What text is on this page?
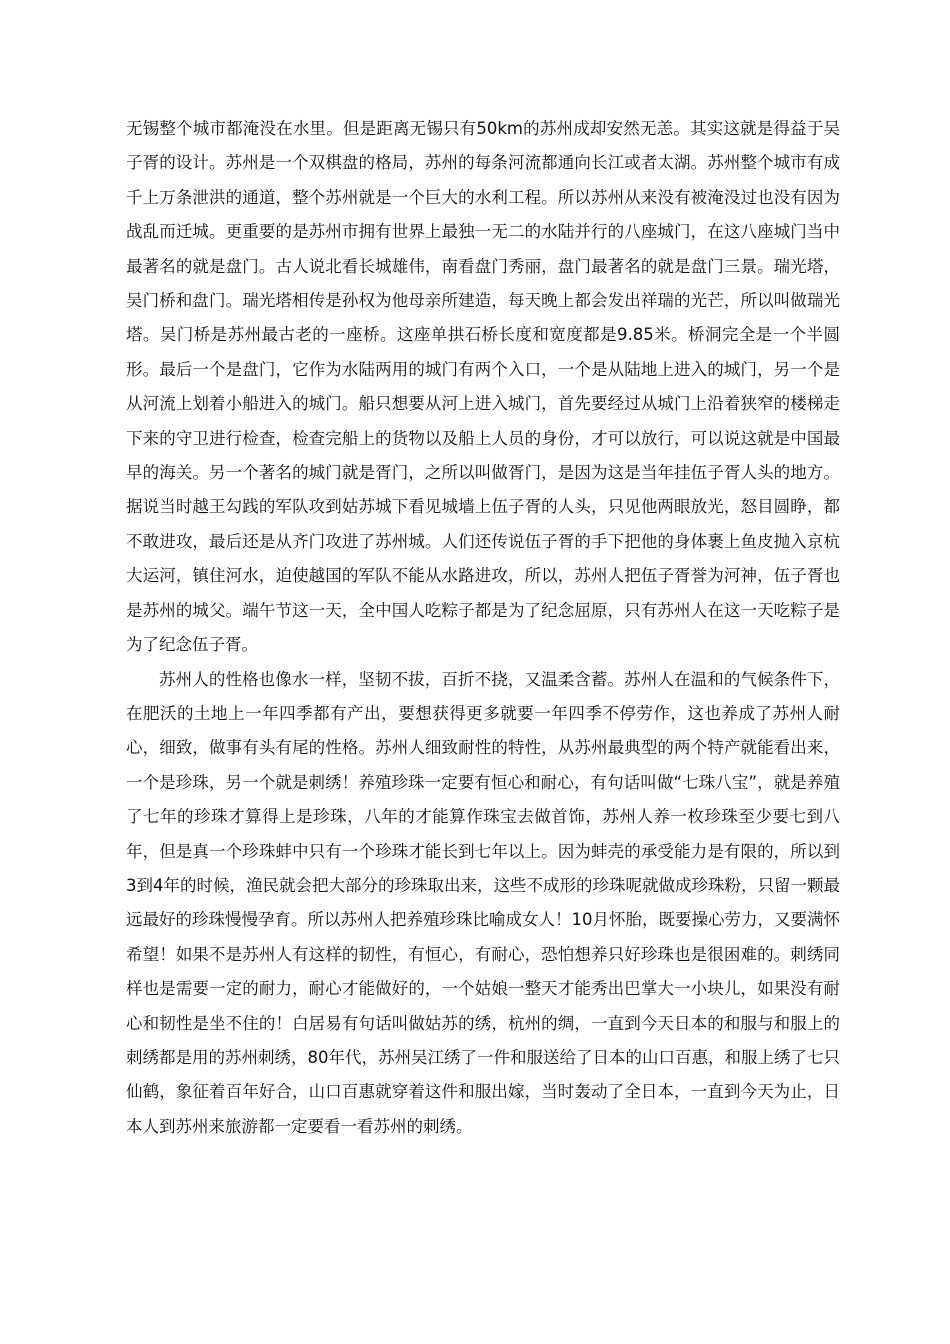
无锡整个城市都淹没在水里。但是距离无锡只有50km的苏州成却安然无恙。其实这就是得益于吴子胥的设计。苏州是一个双棋盘的格局，苏州的每条河流都通向长江或者太湖。苏州整个城市有成千上万条泄洪的通道，整个苏州就是一个巨大的水利工程。所以苏州从来没有被淹没过也没有因为战乱而迁城。更重要的是苏州市拥有世界上最独一无二的水陆并行的八座城门，在这八座城门当中最著名的就是盘门。古人说北看长城雄伟，南看盘门秀丽，盘门最著名的就是盘门三景。瑞光塔，吴门桥和盘门。瑞光塔相传是孙权为他母亲所建造，每天晚上都会发出祥瑞的光芒，所以叫做瑞光塔。吴门桥是苏州最古老的一座桥。这座单拱石桥长度和宽度都是9.85米。桥洞完全是一个半圆形。最后一个是盘门，它作为水陆两用的城门有两个入口，一个是从陆地上进入的城门，另一个是从河流上划着小船进入的城门。船只想要从河上进入城门，首先要经过从城门上沿着狭窄的楼梯走下来的守卫进行检查，检查完船上的货物以及船上人员的身份，才可以放行，可以说这就是中国最早的海关。另一个著名的城门就是胥门，之所以叫做胥门，是因为这是当年挂伍子胥人头的地方。据说当时越王勾践的军队攻到姑苏城下看见城墙上伍子胥的人头，只见他两眼放光，怒目圆睁，都不敢进攻，最后还是从齐门攻进了苏州城。人们还传说伍子胥的手下把他的身体裹上鱼皮抛入京杭大运河，镇住河水，迫使越国的军队不能从水路进攻，所以，苏州人把伍子胥誉为河神，伍子胥也是苏州的城父。端午节这一天，全中国人吃粽子都是为了纪念屈原，只有苏州人在这一天吃粽子是为了纪念伍子胥。

苏州人的性格也像水一样，坚韧不拔，百折不挠，又温柔含蓄。苏州人在温和的气候条件下，在肥沃的土地上一年四季都有产出，要想获得更多就要一年四季不停劳作，这也养成了苏州人耐心，细致，做事有头有尾的性格。苏州人细致耐性的特性，从苏州最典型的两个特产就能看出来，一个是珍珠，另一个就是刺绣！养殖珍珠一定要有恒心和耐心，有句话叫做“七珠八宝”，就是养殖了七年的珍珠才算得上是珍珠，八年的才能算作珠宝去做首饰，苏州人养一枚珍珠至少要七到八年，但是真一个珍珠蚌中只有一个珍珠才能长到七年以上。因为蚌壳的承受能力是有限的，所以到3到4年的时候，渔民就会把大部分的珍珠取出来，这些不成形的珍珠呢就做成珍珠粉，只留一颗最远最好的珍珠慢慢孕育。所以苏州人把养殖珍珠比喻成女人！10月怀胎，既要操心劳力，又要满怀希望！如果不是苏州人有这样的韧性，有恒心，有耐心，恐怕想养只好珍珠也是很困难的。刺绣同样也是需要一定的耐力，耐心才能做好的，一个姑娘一整天才能秀出巴掌大一小块儿，如果没有耐心和韧性是坐不住的！白居易有句话叫做姑苏的绣，杭州的绸，一直到今天日本的和服与和服上的刺绣都是用的苏州刺绣，80年代，苏州吴江绣了一件和服送给了日本的山口百惠，和服上绣了七只仙鹤，象征着百年好合，山口百惠就穿着这件和服出嫁，当时轰动了全日本，一直到今天为止，日本人到苏州来旅游都一定要看一看苏州的刺绣。
